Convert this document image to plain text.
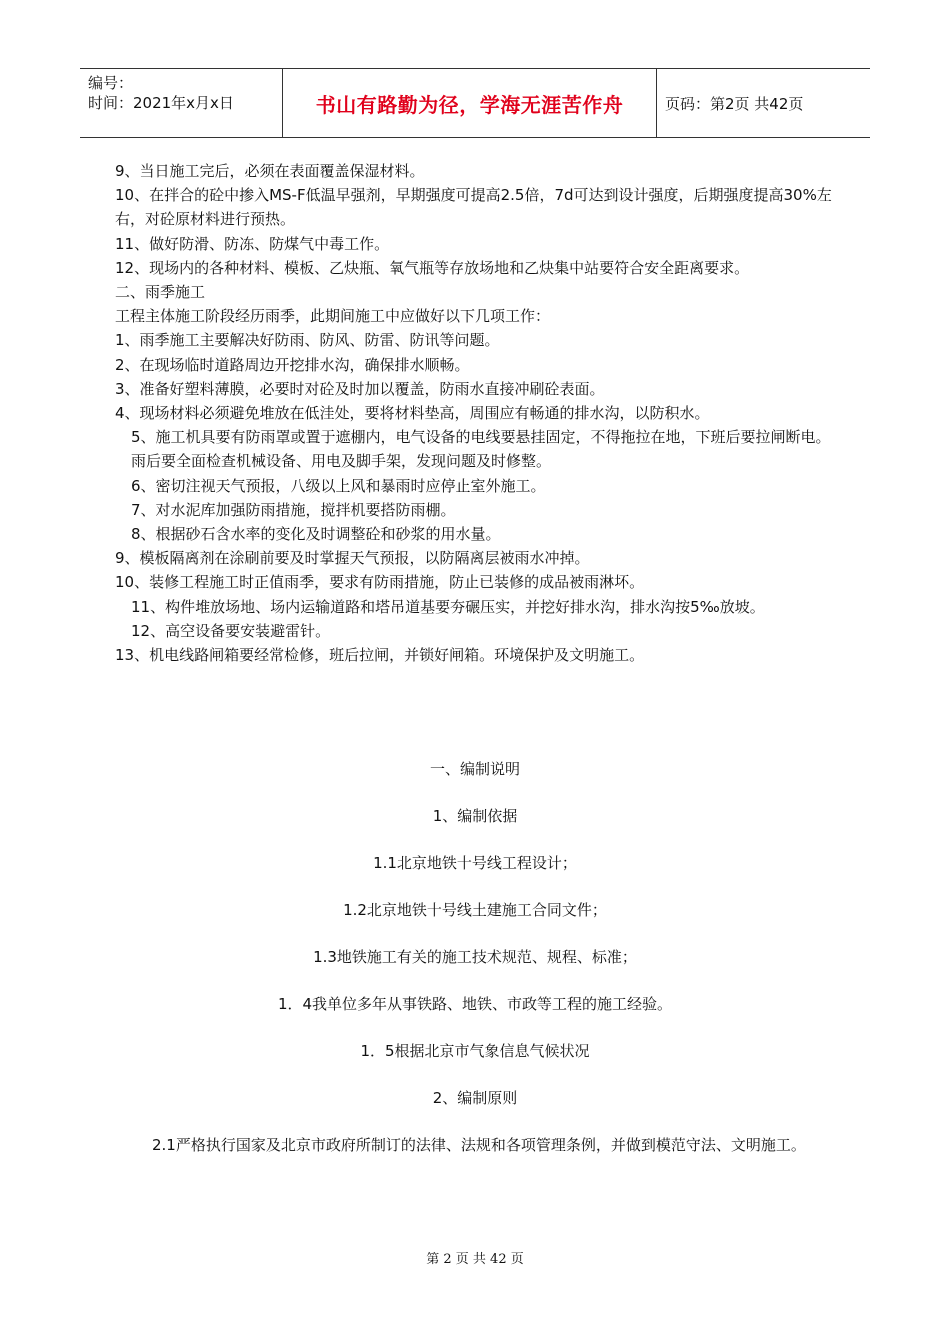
编号：
时间：2021年x月x日	书山有路勤为径，学海无涯苦作舟	页码：第2页 共42页

9、当日施工完后，必须在表面覆盖保湿材料。

10、在拌合的砼中掺入MS-F低温早强剂，早期强度可提高2.5倍，7d可达到设计强度，后期强度提高30%左右，对砼原材料进行预热。

11、做好防滑、防冻、防煤气中毒工作。

12、现场内的各种材料、模板、乙炔瓶、氧气瓶等存放场地和乙炔集中站要符合安全距离要求。

二、雨季施工

工程主体施工阶段经历雨季，此期间施工中应做好以下几项工作：

1、雨季施工主要解决好防雨、防风、防雷、防讯等问题。

2、在现场临时道路周边开挖排水沟，确保排水顺畅。

3、准备好塑料薄膜，必要时对砼及时加以覆盖，防雨水直接冲刷砼表面。

4、现场材料必须避免堆放在低洼处，要将材料垫高，周围应有畅通的排水沟，以防积水。

5、施工机具要有防雨罩或置于遮棚内，电气设备的电线要悬挂固定，不得拖拉在地，下班后要拉闸断电。雨后要全面检查机械设备、用电及脚手架，发现问题及时修整。

6、密切注视天气预报，八级以上风和暴雨时应停止室外施工。

7、对水泥库加强防雨措施，搅拌机要搭防雨棚。

8、根据砂石含水率的变化及时调整砼和砂浆的用水量。

9、模板隔离剂在涂刷前要及时掌握天气预报，以防隔离层被雨水冲掉。

10、装修工程施工时正值雨季，要求有防雨措施，防止已装修的成品被雨淋坏。

11、构件堆放场地、场内运输道路和塔吊道基要夯碾压实，并挖好排水沟，排水沟按5‰放坡。

12、高空设备要安装避雷针。

13、机电线路闸箱要经常检修，班后拉闸，并锁好闸箱。环境保护及文明施工。

一、编制说明
1、编制依据
1.1北京地铁十号线工程设计；
1.2北京地铁十号线土建施工合同文件；
1.3地铁施工有关的施工技术规范、规程、标准；
1．4我单位多年从事铁路、地铁、市政等工程的施工经验。
1．5根据北京市气象信息气候状况
2、编制原则

2.1严格执行国家及北京市政府所制订的法律、法规和各项管理条例，并做到模范守法、文明施工。

第 2 页 共 42 页
